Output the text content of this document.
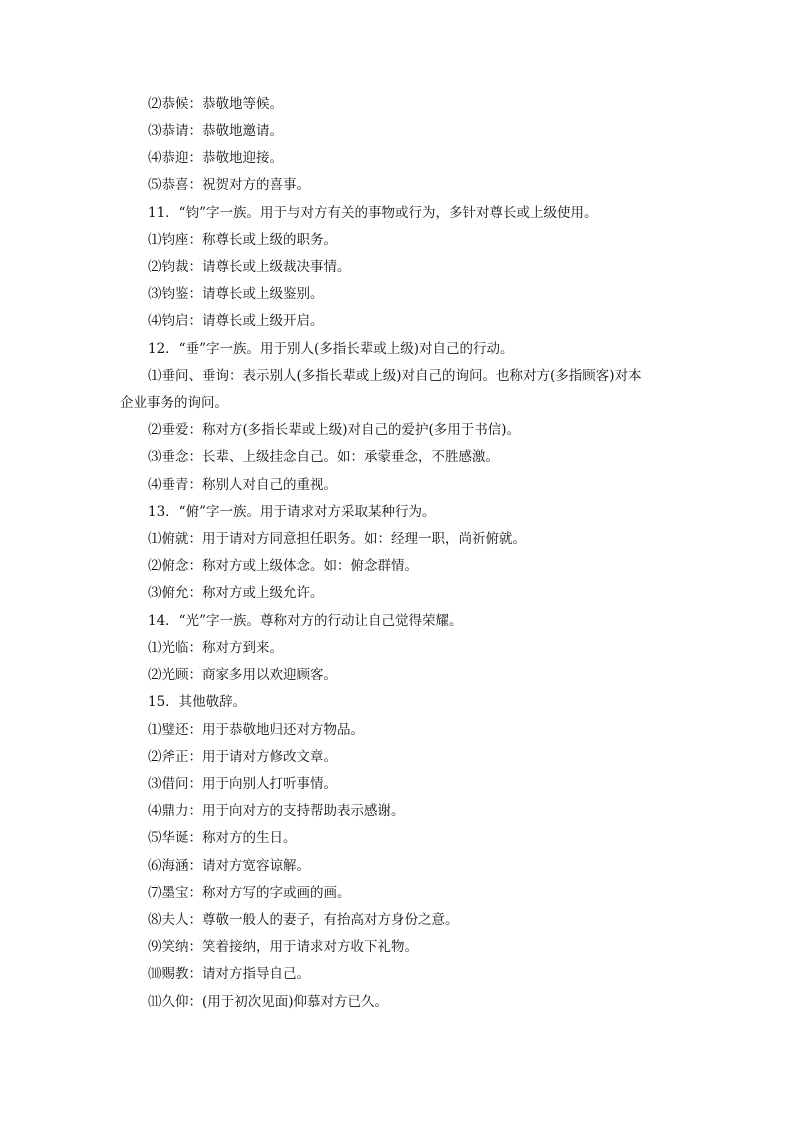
⑵恭候：恭敬地等候。
⑶恭请：恭敬地邀请。
⑷恭迎：恭敬地迎接。
⑸恭喜：祝贺对方的喜事。
11．“钧”字一族。用于与对方有关的事物或行为，多针对尊长或上级使用。
⑴钧座：称尊长或上级的职务。
⑵钧裁：请尊长或上级裁决事情。
⑶钧鉴：请尊长或上级鉴别。
⑷钧启：请尊长或上级开启。
12．“垂”字一族。用于别人(多指长辈或上级)对自己的行动。
⑴垂问、垂询：表示别人(多指长辈或上级)对自己的询问。也称对方(多指顾客)对本
企业事务的询问。
⑵垂爱：称对方(多指长辈或上级)对自己的爱护(多用于书信)。
⑶垂念：长辈、上级挂念自己。如：承蒙垂念，不胜感激。
⑷垂青：称别人对自己的重视。
13．“俯”字一族。用于请求对方采取某种行为。
⑴俯就：用于请对方同意担任职务。如：经理一职，尚祈俯就。
⑵俯念：称对方或上级体念。如：俯念群情。
⑶俯允：称对方或上级允许。
14．“光”字一族。尊称对方的行动让自己觉得荣耀。
⑴光临：称对方到来。
⑵光顾：商家多用以欢迎顾客。
15．其他敬辞。
⑴璧还：用于恭敬地归还对方物品。
⑵斧正：用于请对方修改文章。
⑶借问：用于向别人打听事情。
⑷鼎力：用于向对方的支持帮助表示感谢。
⑸华诞：称对方的生日。
⑹海涵：请对方宽容谅解。
⑺墨宝：称对方写的字或画的画。
⑻夫人：尊敬一般人的妻子，有抬高对方身份之意。
⑼笑纳：笑着接纳，用于请求对方收下礼物。
⑽赐教：请对方指导自己。
⑾久仰：(用于初次见面)仰慕对方已久。
